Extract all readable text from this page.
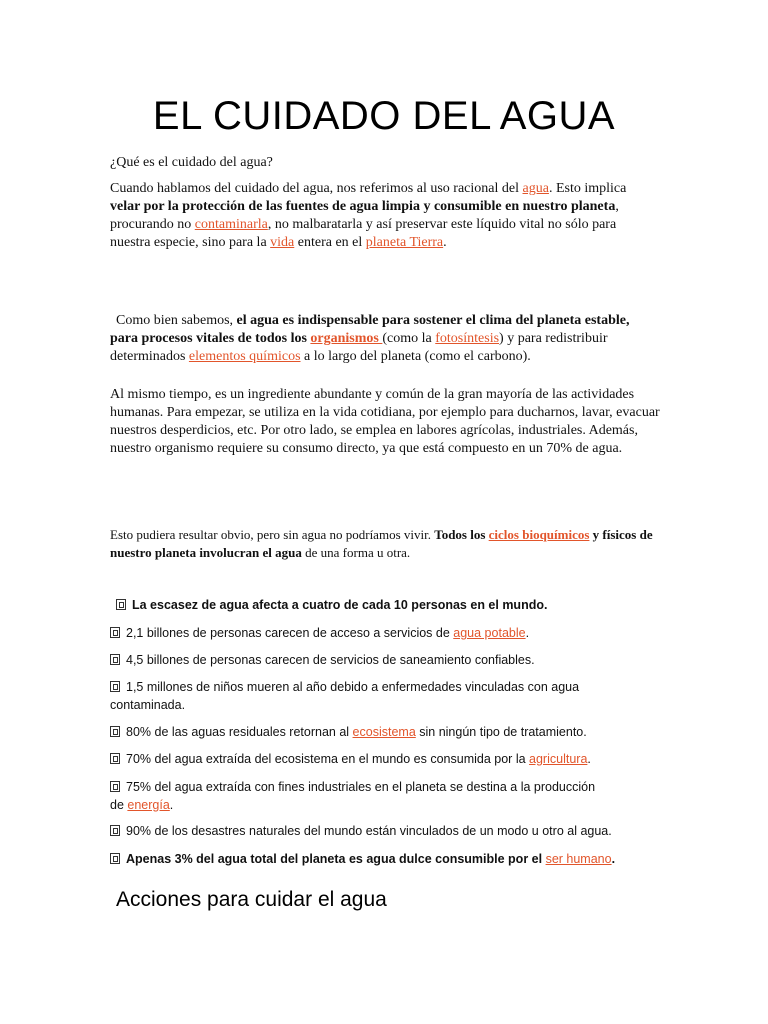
EL CUIDADO DEL AGUA
¿Qué es el cuidado del agua?
Cuando hablamos del cuidado del agua, nos referimos al uso racional del agua. Esto implica velar por la protección de las fuentes de agua limpia y consumible en nuestro planeta, procurando no contaminarla, no malbaratarla y así preservar este líquido vital no sólo para nuestra especie, sino para la vida entera en el planeta Tierra.
Como bien sabemos, el agua es indispensable para sostener el clima del planeta estable, para procesos vitales de todos los organismos (como la fotosíntesis) y para redistribuir determinados elementos químicos a lo largo del planeta (como el carbono).
Al mismo tiempo, es un ingrediente abundante y común de la gran mayoría de las actividades humanas. Para empezar, se utiliza en la vida cotidiana, por ejemplo para ducharnos, lavar, evacuar nuestros desperdicios, etc. Por otro lado, se emplea en labores agrícolas, industriales. Además, nuestro organismo requiere su consumo directo, ya que está compuesto en un 70% de agua.
Esto pudiera resultar obvio, pero sin agua no podríamos vivir. Todos los ciclos bioquímicos y físicos de nuestro planeta involucran el agua de una forma u otra.
La escasez de agua afecta a cuatro de cada 10 personas en el mundo.
2,1 billones de personas carecen de acceso a servicios de agua potable.
4,5 billones de personas carecen de servicios de saneamiento confiables.
1,5 millones de niños mueren al año debido a enfermedades vinculadas con agua contaminada.
80% de las aguas residuales retornan al ecosistema sin ningún tipo de tratamiento.
70% del agua extraída del ecosistema en el mundo es consumida por la agricultura.
75% del agua extraída con fines industriales en el planeta se destina a la producción de energía.
90% de los desastres naturales del mundo están vinculados de un modo u otro al agua.
Apenas 3% del agua total del planeta es agua dulce consumible por el ser humano.
Acciones para cuidar el agua
